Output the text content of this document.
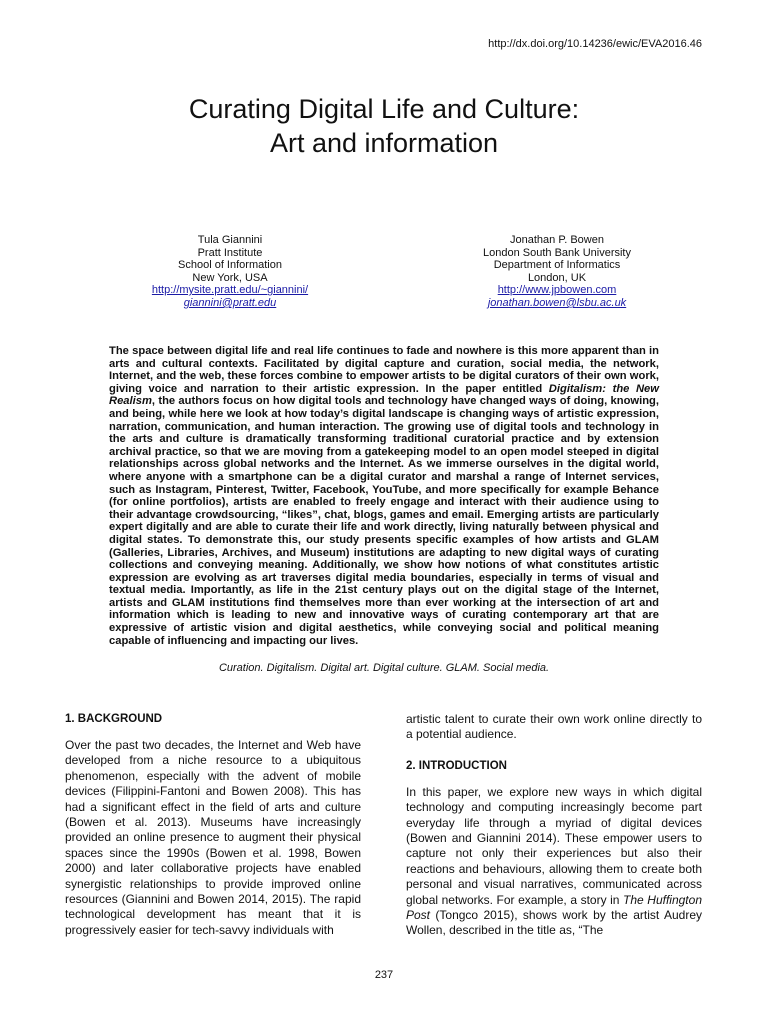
http://dx.doi.org/10.14236/ewic/EVA2016.46
Curating Digital Life and Culture:
Art and information
Tula Giannini
Pratt Institute
School of Information
New York, USA
http://mysite.pratt.edu/~giannini/
giannini@pratt.edu
Jonathan P. Bowen
London South Bank University
Department of Informatics
London, UK
http://www.jpbowen.com
jonathan.bowen@lsbu.ac.uk

The space between digital life and real life continues to fade and nowhere is this more apparent than in arts and cultural contexts. Facilitated by digital capture and curation, social media, the network, Internet, and the web, these forces combine to empower artists to be digital curators of their own work, giving voice and narration to their artistic expression. In the paper entitled Digitalism: the New Realism, the authors focus on how digital tools and technology have changed ways of doing, knowing, and being, while here we look at how today’s digital landscape is changing ways of artistic expression, narration, communication, and human interaction. The growing use of digital tools and technology in the arts and culture is dramatically transforming traditional curatorial practice and by extension archival practice, so that we are moving from a gatekeeping model to an open model steeped in digital relationships across global networks and the Internet. As we immerse ourselves in the digital world, where anyone with a smartphone can be a digital curator and marshal a range of Internet services, such as Instagram, Pinterest, Twitter, Facebook, YouTube, and more specifically for example Behance (for online portfolios), artists are enabled to freely engage and interact with their audience using to their advantage crowdsourcing, “likes”, chat, blogs, games and email. Emerging artists are particularly expert digitally and are able to curate their life and work directly, living naturally between physical and digital states. To demonstrate this, our study presents specific examples of how artists and GLAM (Galleries, Libraries, Archives, and Museum) institutions are adapting to new digital ways of curating collections and conveying meaning. Additionally, we show how notions of what constitutes artistic expression are evolving as art traverses digital media boundaries, especially in terms of visual and textual media. Importantly, as life in the 21st century plays out on the digital stage of the Internet, artists and GLAM institutions find themselves more than ever working at the intersection of art and information which is leading to new and innovative ways of curating contemporary art that are expressive of artistic vision and digital aesthetics, while conveying social and political meaning capable of influencing and impacting our lives.

Curation. Digitalism. Digital art. Digital culture. GLAM. Social media.
1. BACKGROUND

Over the past two decades, the Internet and Web have developed from a niche resource to a ubiquitous phenomenon, especially with the advent of mobile devices (Filippini-Fantoni and Bowen 2008). This has had a significant effect in the field of arts and culture (Bowen et al. 2013). Museums have increasingly provided an online presence to augment their physical spaces since the 1990s (Bowen et al. 1998, Bowen 2000) and later collaborative projects have enabled synergistic relationships to provide improved online resources (Giannini and Bowen 2014, 2015). The rapid technological development has meant that it is progressively easier for tech-savvy individuals with

artistic talent to curate their own work online directly to a potential audience.

2. INTRODUCTION

In this paper, we explore new ways in which digital technology and computing increasingly become part everyday life through a myriad of digital devices (Bowen and Giannini 2014). These empower users to capture not only their experiences but also their reactions and behaviours, allowing them to create both personal and visual narratives, communicated across global networks. For example, a story in The Huffington Post (Tongco 2015), shows work by the artist Audrey Wollen, described in the title as, “The

237
